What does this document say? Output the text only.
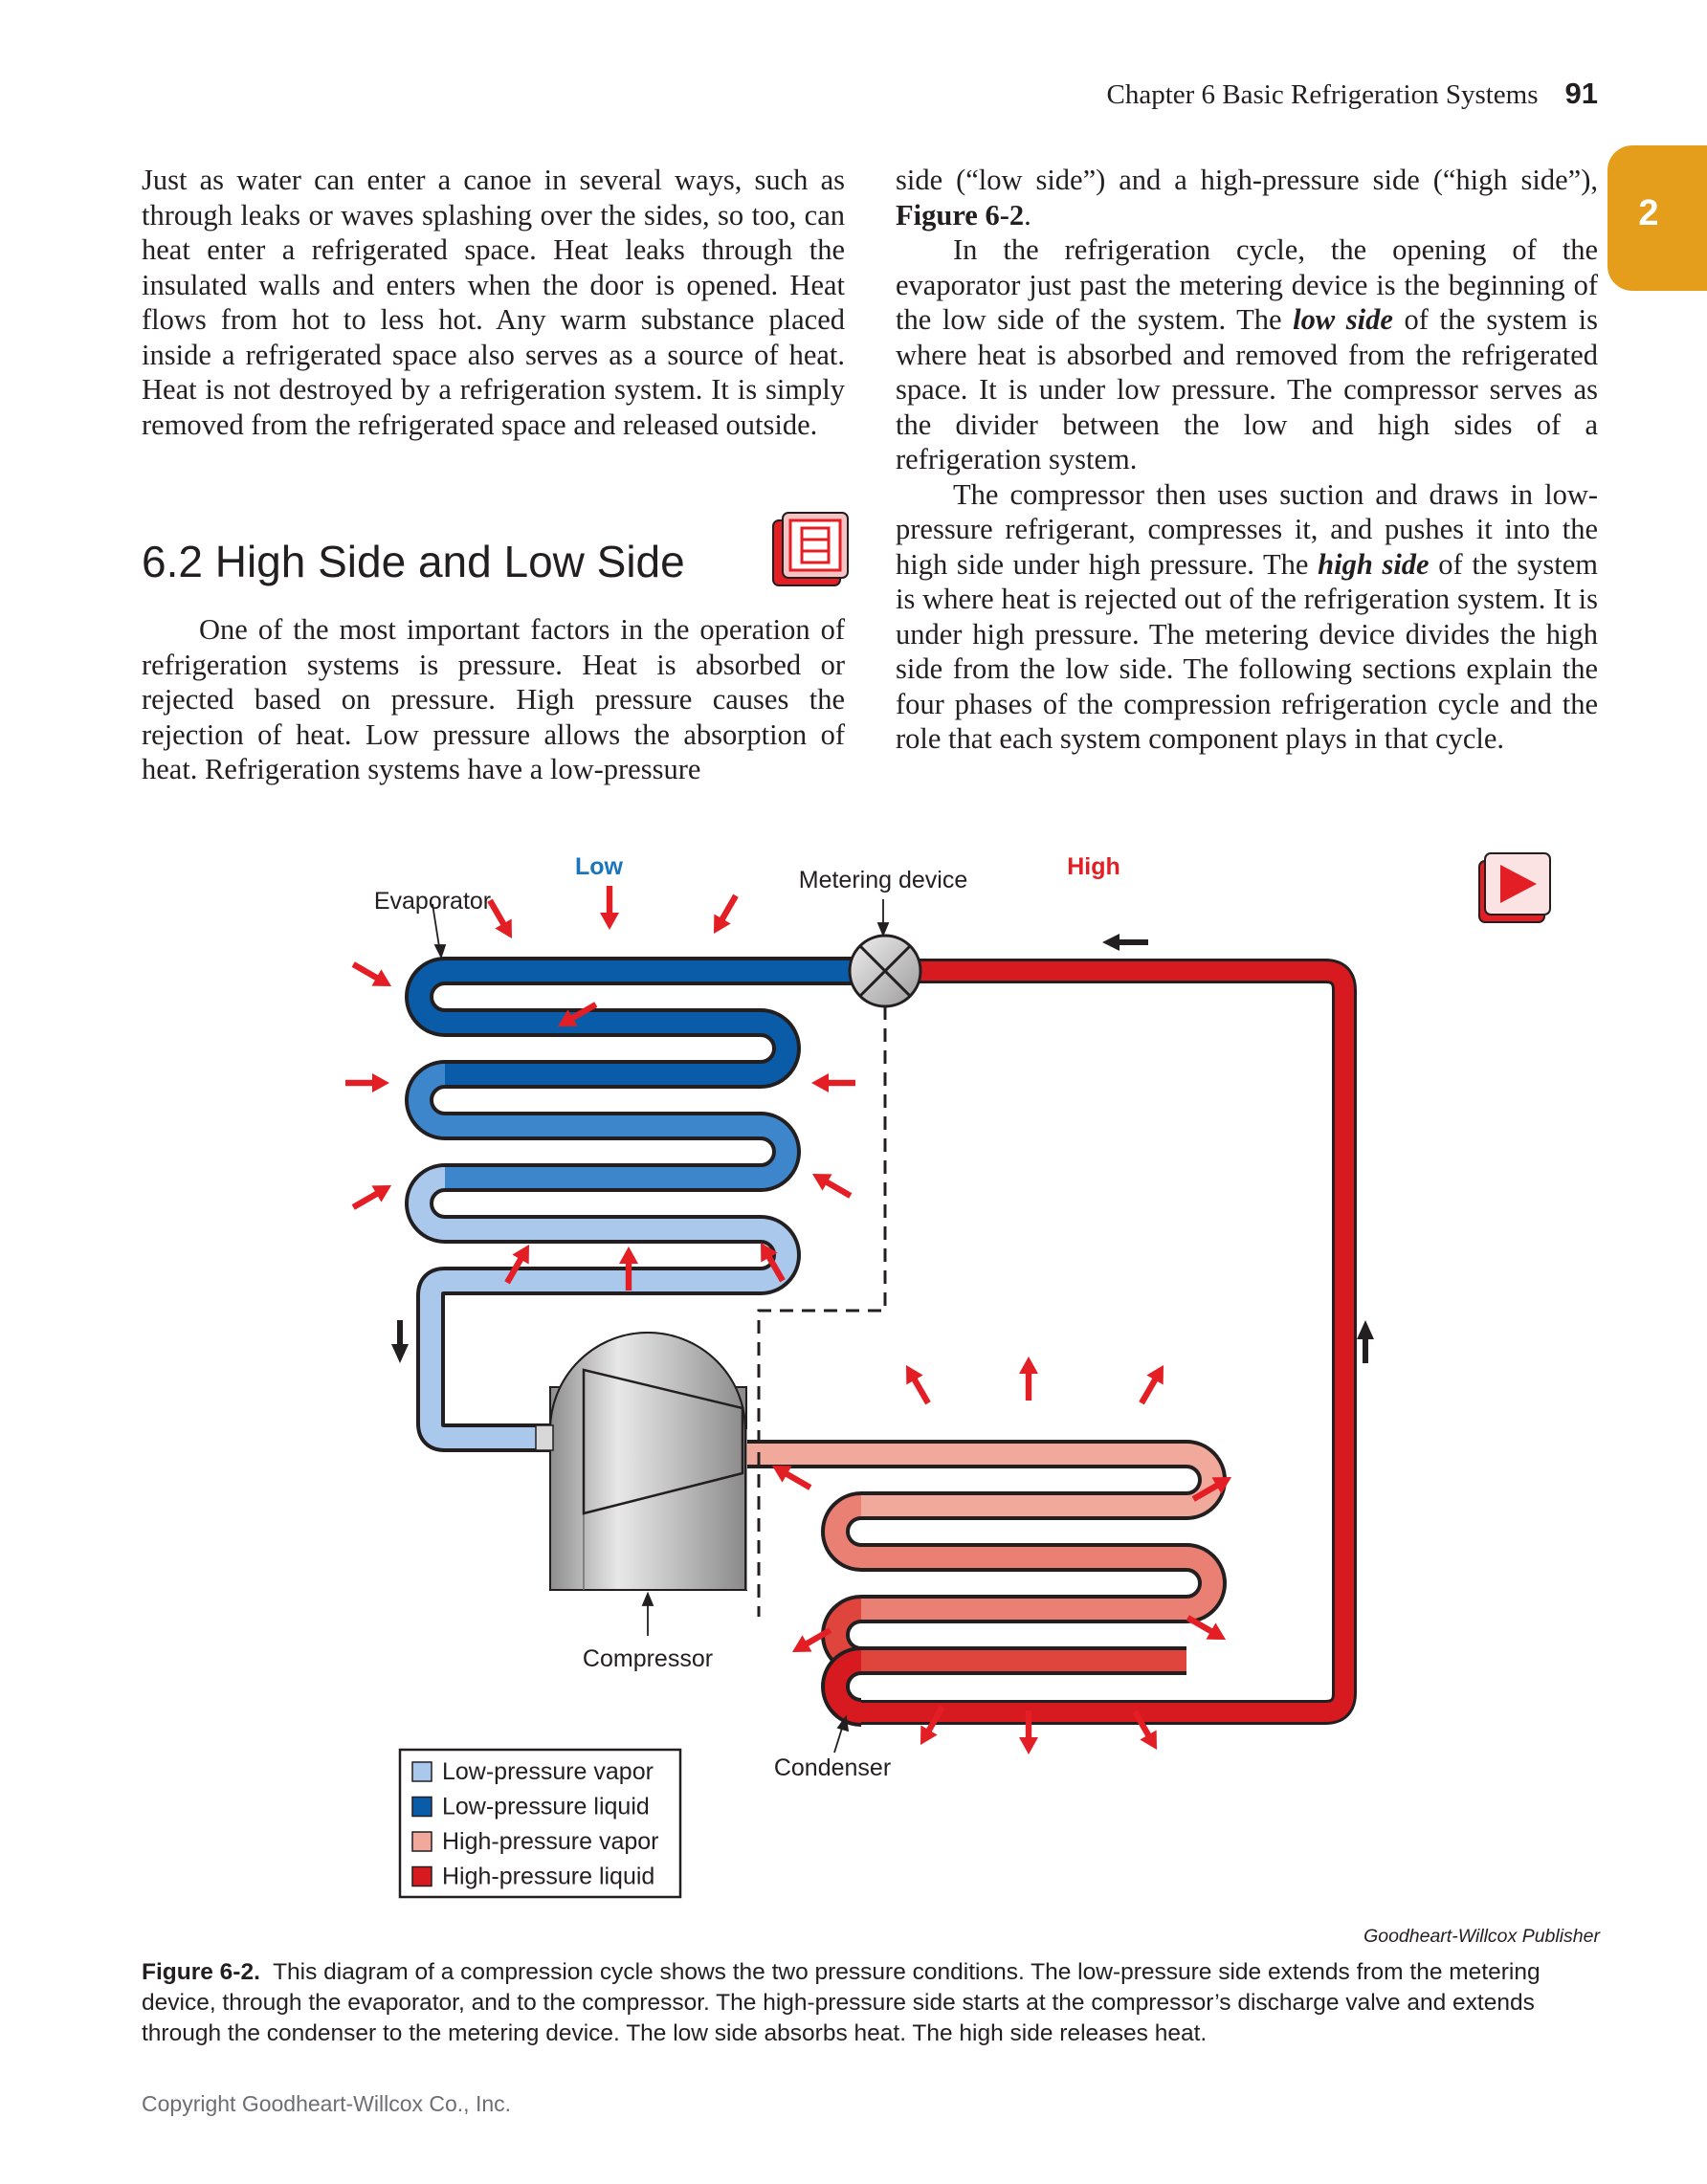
Chapter 6 Basic Refrigeration Systems 91
2

Just as water can enter a canoe in several ways, such as through leaks or waves splashing over the sides, so too, can heat enter a refrigerated space. Heat leaks through the insulated walls and enters when the door is opened. Heat flows from hot to less hot. Any warm substance placed inside a refrigerated space also serves as a source of heat. Heat is not destroyed by a refrigeration system. It is simply removed from the refrigerated space and released outside.

6.2 High Side and Low Side

One of the most important factors in the operation of refrigeration systems is pressure. Heat is absorbed or rejected based on pressure. High pressure causes the rejection of heat. Low pressure allows the absorption of heat. Refrigeration systems have a low-pressure

side (“low side”) and a high-pressure side (“high side”), Figure 6-2.

In the refrigeration cycle, the opening of the evaporator just past the metering device is the beginning of the low side of the system. The low side of the system is where heat is absorbed and removed from the refrigerated space. It is under low pressure. The compressor serves as the divider between the low and high sides of a refrigeration system.

The compressor then uses suction and draws in low-pressure refrigerant, compresses it, and pushes it into the high side under high pressure. The high side of the system is where heat is rejected out of the refrigeration system. It is under high pressure. The metering device divides the high side from the low side. The following sections explain the four phases of the compression refrigeration cycle and the role that each system component plays in that cycle.

Low	High
Metering device
Evaporator
Compressor
Condenser
Low-pressure vapor
Low-pressure liquid
High-pressure vapor
High-pressure liquid
Goodheart-Willcox Publisher
Figure 6-2. This diagram of a compression cycle shows the two pressure conditions. The low-pressure side extends from the metering device, through the evaporator, and to the compressor. The high-pressure side starts at the compressor’s discharge valve and extends through the condenser to the metering device. The low side absorbs heat. The high side releases heat.
Copyright Goodheart-Willcox Co., Inc.
